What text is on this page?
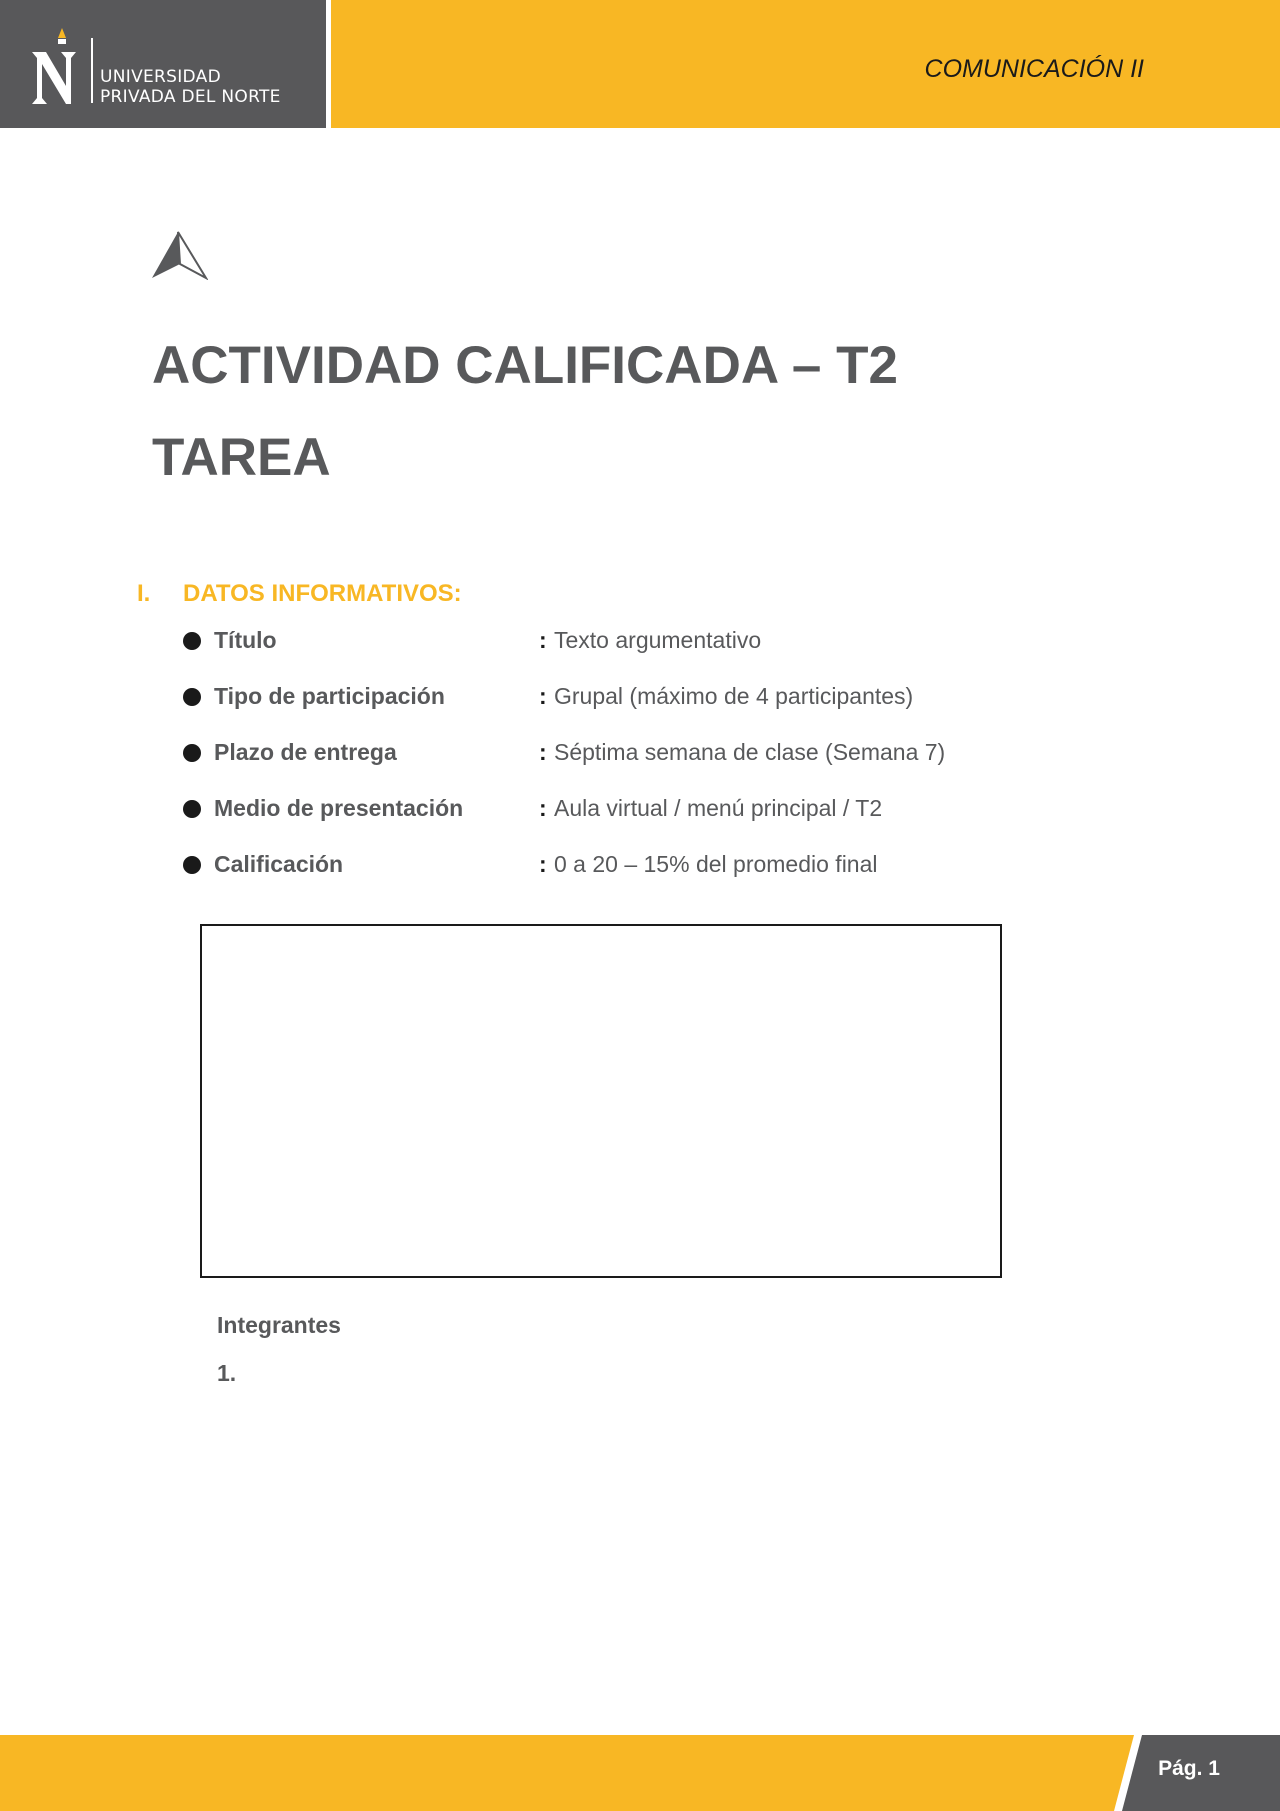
UNIVERSIDAD
PRIVADA DEL NORTE
COMUNICACIÓN II
ACTIVIDAD CALIFICADA – T2
TAREA
I. DATOS INFORMATIVOS:
Título	: Texto argumentativo
Tipo de participación	: Grupal (máximo de 4 participantes)
Plazo de entrega	: Séptima semana de clase (Semana 7)
Medio de presentación	: Aula virtual / menú principal / T2
Calificación	: 0 a 20 – 15% del promedio final
Integrantes
1.
Pág. 1
